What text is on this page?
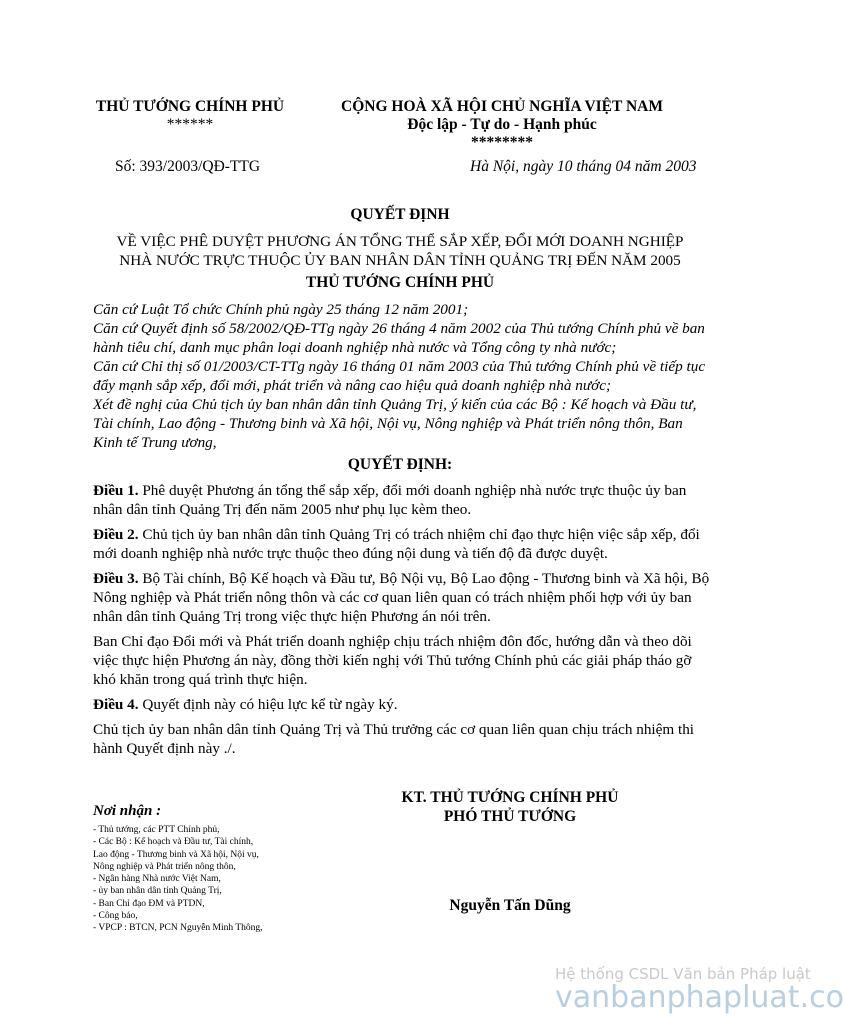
THỦ TƯỚNG CHÍNH PHỦ
******
CỘNG HOÀ XÃ HỘI CHỦ NGHĨA VIỆT NAM
Độc lập - Tự do - Hạnh phúc
********
Số: 393/2003/QĐ-TTG	Hà Nội, ngày 10 tháng 04 năm 2003
QUYẾT ĐỊNH
VỀ VIỆC PHÊ DUYỆT PHƯƠNG ÁN TỔNG THỂ SẮP XẾP, ĐỔI MỚI DOANH NGHIỆP
NHÀ NƯỚC TRỰC THUỘC ỦY BAN NHÂN DÂN TỈNH QUẢNG TRỊ ĐẾN NĂM 2005
THỦ TƯỚNG CHÍNH PHỦ

Căn cứ Luật Tổ chức Chính phủ ngày 25 tháng 12 năm 2001;

Căn cứ Quyết định số 58/2002/QĐ-TTg ngày 26 tháng 4 năm 2002 của Thủ tướng Chính phủ về ban hành tiêu chí, danh mục phân loại doanh nghiệp nhà nước và Tổng công ty nhà nước;

Căn cứ Chỉ thị số 01/2003/CT-TTg ngày 16 tháng 01 năm 2003 của Thủ tướng Chính phủ về tiếp tục đẩy mạnh sắp xếp, đổi mới, phát triển và nâng cao hiệu quả doanh nghiệp nhà nước;

Xét đề nghị của Chủ tịch ủy ban nhân dân tỉnh Quảng Trị, ý kiến của các Bộ : Kế hoạch và Đầu tư, Tài chính, Lao động - Thương binh và Xã hội, Nội vụ, Nông nghiệp và Phát triển nông thôn, Ban Kinh tế Trung ương,

QUYẾT ĐỊNH:

Điều 1. Phê duyệt Phương án tổng thể sắp xếp, đổi mới doanh nghiệp nhà nước trực thuộc ủy ban nhân dân tỉnh Quảng Trị đến năm 2005 như phụ lục kèm theo.

Điều 2. Chủ tịch ủy ban nhân dân tỉnh Quảng Trị có trách nhiệm chỉ đạo thực hiện việc sắp xếp, đổi mới doanh nghiệp nhà nước trực thuộc theo đúng nội dung và tiến độ đã được duyệt.

Điều 3. Bộ Tài chính, Bộ Kế hoạch và Đầu tư, Bộ Nội vụ, Bộ Lao động - Thương binh và Xã hội, Bộ Nông nghiệp và Phát triển nông thôn và các cơ quan liên quan có trách nhiệm phối hợp với ủy ban nhân dân tỉnh Quảng Trị trong việc thực hiện Phương án nói trên.

Ban Chỉ đạo Đổi mới và Phát triển doanh nghiệp chịu trách nhiệm đôn đốc, hướng dẫn và theo dõi việc thực hiện Phương án này, đồng thời kiến nghị với Thủ tướng Chính phủ các giải pháp tháo gỡ khó khăn trong quá trình thực hiện.

Điều 4. Quyết định này có hiệu lực kể từ ngày ký.

Chủ tịch ủy ban nhân dân tỉnh Quảng Trị và Thủ trưởng các cơ quan liên quan chịu trách nhiệm thi hành Quyết định này ./.

KT. THỦ TƯỚNG CHÍNH PHỦ
PHÓ THỦ TƯỚNG
Nguyễn Tấn Dũng
Nơi nhận :
- Thủ tướng, các PTT Chính phủ,
- Các Bộ : Kế hoạch và Đầu tư, Tài chính,
Lao động - Thương binh và Xã hội, Nội vụ,
Nông nghiệp và Phát triển nông thôn,
- Ngân hàng Nhà nước Việt Nam,
- ủy ban nhân dân tỉnh Quảng Trị,
- Ban Chỉ đạo ĐM và PTDN,
- Công báo,
- VPCP : BTCN, PCN Nguyễn Minh Thông,
Hệ thống CSDL Văn bản Pháp luật
vanbanphapluat.co
